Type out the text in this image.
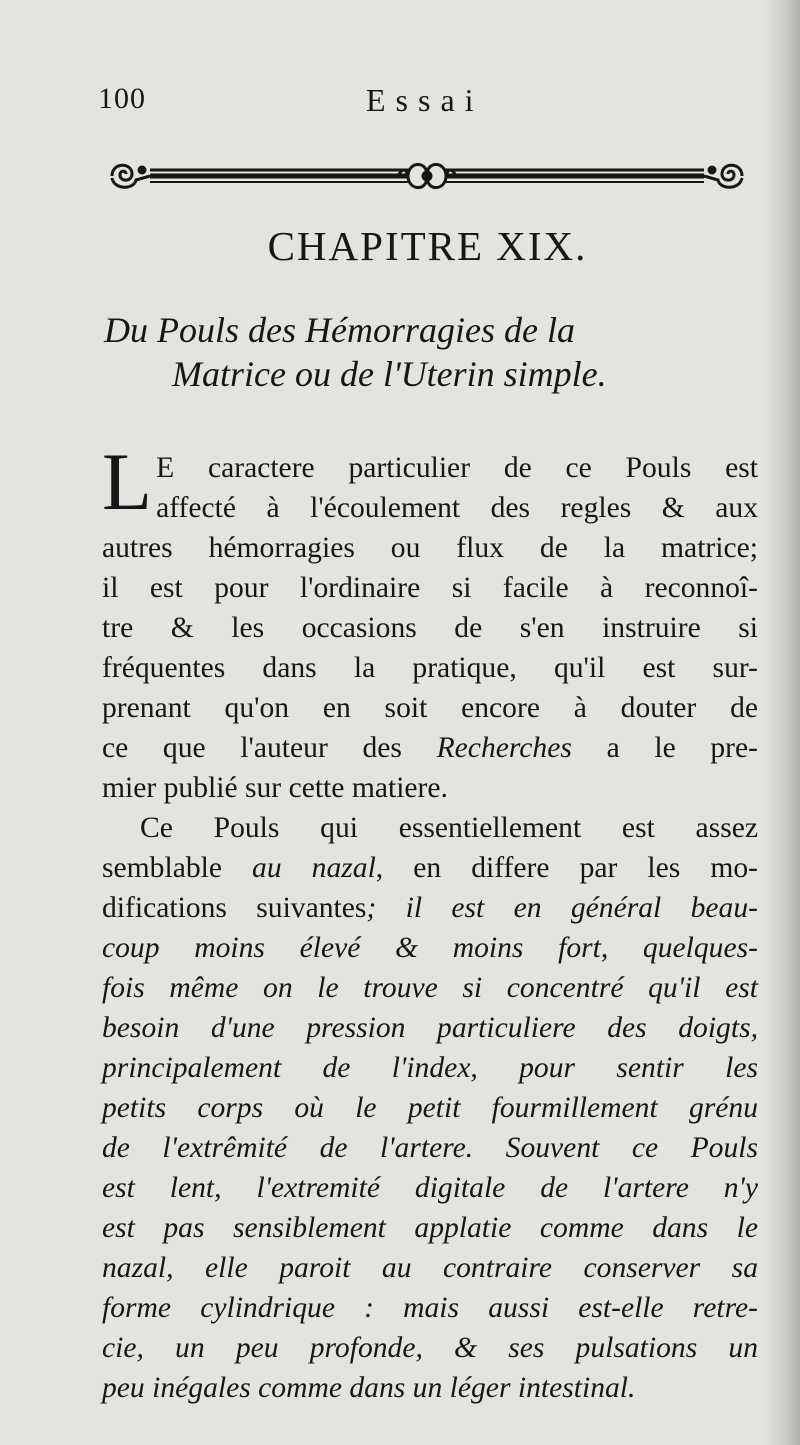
100	Essai
CHAPITRE XIX.
Du Pouls des Hémorragies de la
Matrice ou de l'Uterin simple.

L E caractere particulier de ce Pouls est
affecté à l'écoulement des regles & aux
autres hémorragies ou flux de la matrice;
il est pour l'ordinaire si facile à reconnoî-
tre & les occasions de s'en instruire si
fréquentes dans la pratique, qu'il est sur-
prenant qu'on en soit encore à douter de
ce que l'auteur des Recherches a le pre-
mier publié sur cette matiere.

Ce Pouls qui essentiellement est assez
semblable au nazal, en differe par les mo-
difications suivantes; il est en général beau-
coup moins élevé & moins fort, quelques-
fois même on le trouve si concentré qu'il est
besoin d'une pression particuliere des doigts,
principalement de l'index, pour sentir les
petits corps où le petit fourmillement grénu
de l'extrêmité de l'artere. Souvent ce Pouls
est lent, l'extremité digitale de l'artere n'y
est pas sensiblement applatie comme dans le
nazal, elle paroit au contraire conserver sa
forme cylindrique : mais aussi est-elle retre-
cie, un peu profonde, & ses pulsations un
peu inégales comme dans un léger intestinal.
